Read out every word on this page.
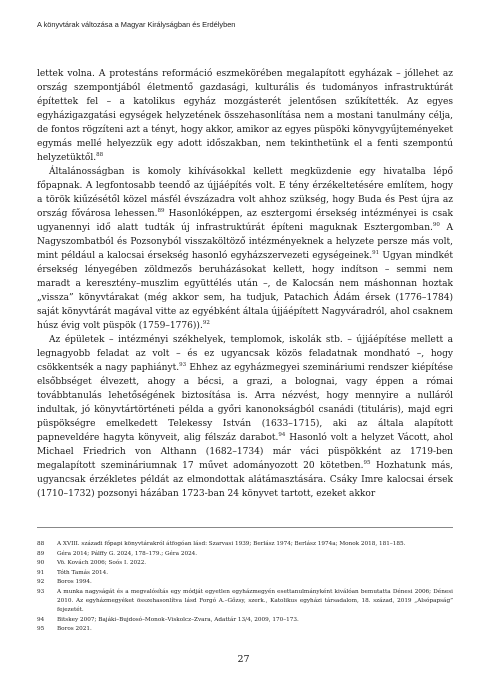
A könyvtárak változása a Magyar Királyságban és Erdélyben

lettek volna. A protestáns reformáció eszmekörében megalapított egyházak – jóllehet az ország szempontjából életmentő gazdasági, kulturális és tudományos infrastruktúrát építettek fel – a katolikus egyház mozgásterét jelentősen szűkítették. Az egyes egyházigazgatási egységek helyzetének összehasonlítása nem a mostani tanulmány célja, de fontos rögzíteni azt a tényt, hogy akkor, amikor az egyes püspöki könyvgyűjteményeket egymás mellé helyezzük egy adott időszakban, nem tekinthetünk el a fenti szempontú helyzetüktől.$^{88}$

Általánosságban is komoly kihívásokkal kellett megküzdenie egy hivatalba lépő főpapnak. A legfontosabb teendő az újjáépítés volt. E tény érzékeltetésére említem, hogy a török kiűzésétől közel másfél évszázadra volt ahhoz szükség, hogy Buda és Pest újra az ország fővárosa lehessen.$^{89}$ Hasonlóképpen, az esztergomi érsekség intézményei is csak ugyanennyi idő alatt tudták új infrastruktúrát építeni maguknak Esztergomban.$^{90}$ A Nagyszombatból és Pozsonyból visszaköltöző intézményeknek a helyzete persze más volt, mint például a kalocsai érsekség hasonló egyházszervezeti egységeinek.$^{91}$ Ugyan mindkét érsekség lényegében zöldmezős beruházásokat kellett, hogy indítson – semmi nem maradt a keresztény–muszlim együttélés után –, de Kalocsán nem máshonnan hoztak „vissza” könyvtárakat (még akkor sem, ha tudjuk, Patachich Ádám érsek (1776–1784) saját könyvtárát magával vitte az egyébként általa újjáépített Nagyváradról, ahol csaknem húsz évig volt püspök (1759–1776)).$^{92}$

Az épületek – intézményi székhelyek, templomok, iskolák stb. – újjáépítése mellett a legnagyobb feladat az volt – és ez ugyancsak közös feladatnak mondható –, hogy csökkentsék a nagy paphiányt.$^{93}$ Ehhez az egyházmegyei szemináriumi rendszer kiépítése elsőbbséget élvezett, ahogy a bécsi, a grazi, a bolognai, vagy éppen a római továbbtanulás lehetőségének biztosítása is. Arra nézvést, hogy mennyire a nulláról indultak, jó könyvtártörténeti példa a győri kanonokságból csanádi (tituláris), majd egri püspökségre emelkedett Telekessy István (1633–1715), aki az általa alapított papneveldére hagyta könyveit, alig félszáz darabot.$^{94}$ Hasonló volt a helyzet Vácott, ahol Michael Friedrich von Althann (1682–1734) már váci püspökként az 1719-ben megalapított szemináriumnak 17 művet adományozott 20 kötetben.$^{95}$ Hozhatunk más, ugyancsak érzékletes példát az elmondottak alátámasztására. Csáky Imre kalocsai érsek (1710–1732) pozsonyi házában 1723-ban 24 könyvet tartott, ezeket akkor

88	A XVIII. századi főpapi könyvtárakról átfogóan lásd: Szarvasi 1939; Berlász 1974; Berlász 1974a; Monok 2018, 181–185.
89	Géra 2014; Pálffy G. 2024, 178–179.; Géra 2024.
90	Vö. Kovách 2006; Soós I. 2022.
91	Tóth Tamás 2014.
92	Boros 1994.
93	A munka nagyságát és a megvalósítás egy módját egyetlen egyházmegyén esettanulmányként kiválóan bemutatta Dénesi 2006; Dénesi 2010. Az egyházmegyéket összehasonlítva lásd Forgó A.–Gőzsy, szerk., Katolikus egyházi társadalom, 18. század, 2019 „Alsópapság” fejezetét.
94	Bitskey 2007; Bajáki–Bujdosó–Monok–Viskolcz–Zvara, Adattár 13/4, 2009, 170–173.
95	Boros 2021.
27
